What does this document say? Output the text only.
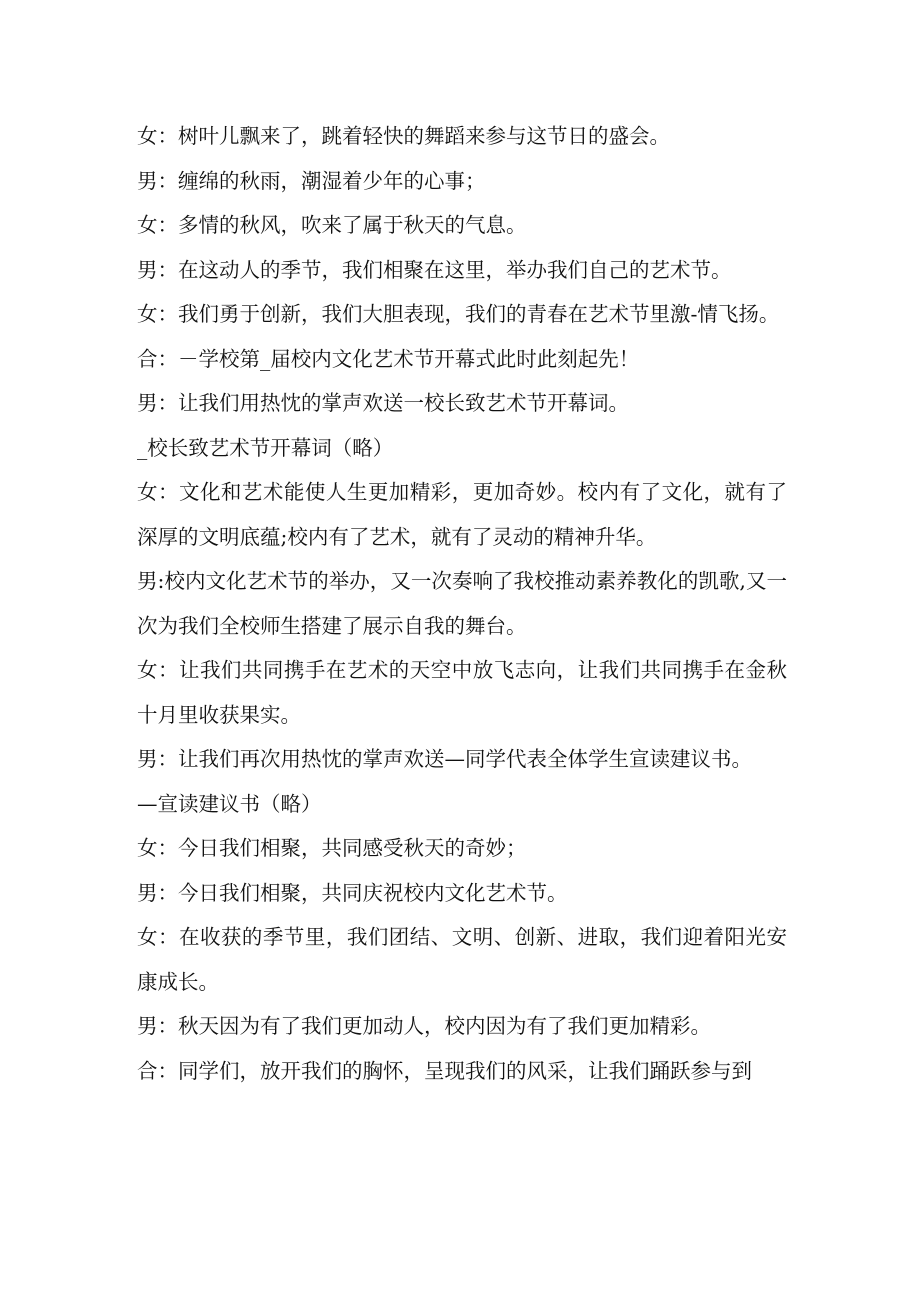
女：树叶儿飘来了，跳着轻快的舞蹈来参与这节日的盛会。

男：缠绵的秋雨，潮湿着少年的心事；

女：多情的秋风，吹来了属于秋天的气息。

男：在这动人的季节，我们相聚在这里，举办我们自己的艺术节。

女：我们勇于创新，我们大胆表现，我们的青春在艺术节里激-情飞扬。

合：－学校第_届校内文化艺术节开幕式此时此刻起先！

男：让我们用热忱的掌声欢送一校长致艺术节开幕词。

_校长致艺术节开幕词（略）

女：文化和艺术能使人生更加精彩，更加奇妙。校内有了文化，就有了深厚的文明底蕴;校内有了艺术，就有了灵动的精神升华。

男:校内文化艺术节的举办，又一次奏响了我校推动素养教化的凯歌,又一次为我们全校师生搭建了展示自我的舞台。

女：让我们共同携手在艺术的天空中放飞志向，让我们共同携手在金秋十月里收获果实。

男：让我们再次用热忱的掌声欢送—同学代表全体学生宣读建议书。

—宣读建议书（略）

女：今日我们相聚，共同感受秋天的奇妙；

男：今日我们相聚，共同庆祝校内文化艺术节。

女：在收获的季节里，我们团结、文明、创新、进取，我们迎着阳光安康成长。

男：秋天因为有了我们更加动人，校内因为有了我们更加精彩。

合：同学们，放开我们的胸怀，呈现我们的风采，让我们踊跃参与到
